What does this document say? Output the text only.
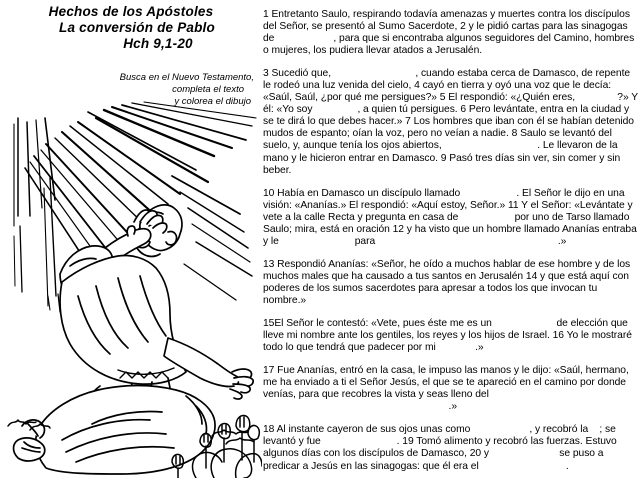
Hechos de los Apóstoles
La conversión de Pablo
Hch 9,1-20
Busca en el Nuevo Testamento,
completa el texto
y colorea el dibujo

1 Entretanto Saulo, respirando todavía amenazas y muertes contra los discípulos del Señor, se presentó al Sumo Sacerdote, 2 y le pidió cartas para las sinagogas de	, para que si encontraba algunos seguidores del Camino, hombres o mujeres, los pudiera llevar atados a Jerusalén.

3 Sucedió que,	, cuando estaba cerca de Damasco, de repente le rodeó una luz venida del cielo, 4 cayó en tierra y oyó una voz que le decía: «Saúl, Saúl, ¿por qué me persigues?» 5 El respondió: «¿Quién eres,	?» Y él: «Yo soy	, a quien tú persigues. 6 Pero levántate, entra en la ciudad y se te dirá lo que debes hacer.» 7 Los hombres que iban con él se habían detenido mudos de espanto; oían la voz, pero no veían a nadie. 8 Saulo se levantó del suelo, y, aunque tenía los ojos abiertos,	. Le llevaron de la mano y le hicieron entrar en Damasco. 9 Pasó tres días sin ver, sin comer y sin beber.

10 Había en Damasco un discípulo llamado	. El Señor le dijo en una visión: «Ananías.» El respondió: «Aquí estoy, Señor.» 11 Y el Señor: «Levántate y vete a la calle Recta y pregunta en casa de	por uno de Tarso llamado Saulo; mira, está en oración 12 y ha visto que un hombre llamado Ananías entraba y le	para	.»

13 Respondió Ananías: «Señor, he oído a muchos hablar de ese hombre y de los muchos males que ha causado a tus santos en Jerusalén 14 y que está aquí con poderes de los sumos sacerdotes para apresar a todos los que invocan tu nombre.»

15El Señor le contestó: «Vete, pues éste me es un	de elección que lleve mi nombre ante los gentiles, los reyes y los hijos de Israel. 16 Yo le mostraré todo lo que tendrá que padecer por mi	.»

17 Fue Ananías, entró en la casa, le impuso las manos y le dijo: «Saúl, hermano, me ha enviado a ti el Señor Jesús, el que se te apareció en el camino por donde venías, para que recobres la vista y seas lleno del                                                                   .»

18 Al instante cayeron de sus ojos unas como	, y recobró la    ; se levantó y fue	. 19 Tomó alimento y recobró las fuerzas. Estuvo algunos días con los discípulos de Damasco, 20 y	se puso a predicar a Jesús en las sinagogas: que él era el	.
